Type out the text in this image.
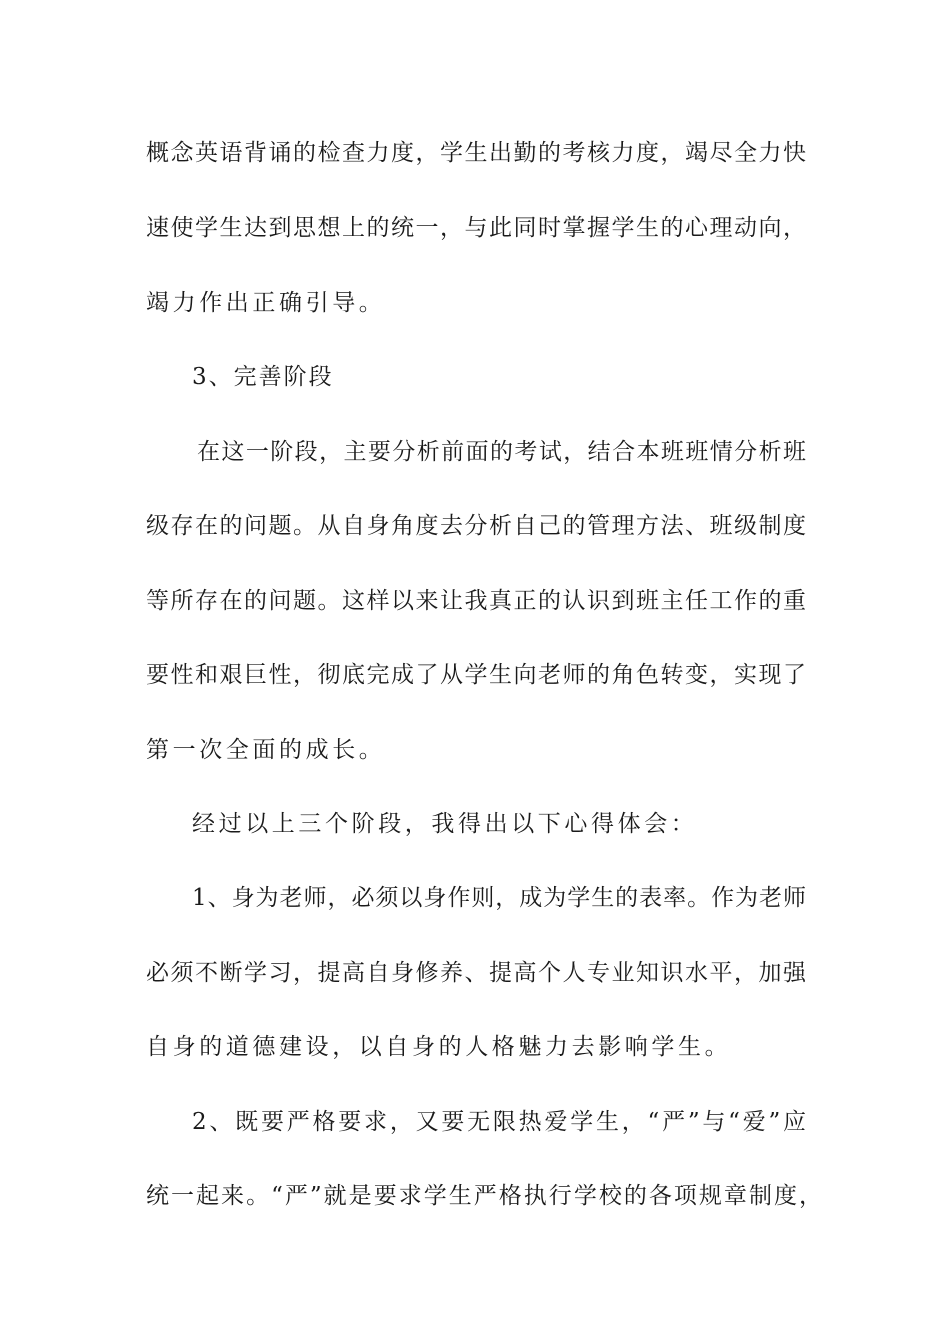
概念英语背诵的检查力度，学生出勤的考核力度，竭尽全力快
速使学生达到思想上的统一，与此同时掌握学生的心理动向，
竭力作出正确引导。
3、完善阶段
在这一阶段，主要分析前面的考试，结合本班班情分析班
级存在的问题。从自身角度去分析自己的管理方法、班级制度
等所存在的问题。这样以来让我真正的认识到班主任工作的重
要性和艰巨性，彻底完成了从学生向老师的角色转变，实现了
第一次全面的成长。
经过以上三个阶段，我得出以下心得体会：
1、身为老师，必须以身作则，成为学生的表率。作为老师
必须不断学习，提高自身修养、提高个人专业知识水平，加强
自身的道德建设，以自身的人格魅力去影响学生。
2、既要严格要求，又要无限热爱学生，“严”与“爱”应
统一起来。“严”就是要求学生严格执行学校的各项规章制度，
